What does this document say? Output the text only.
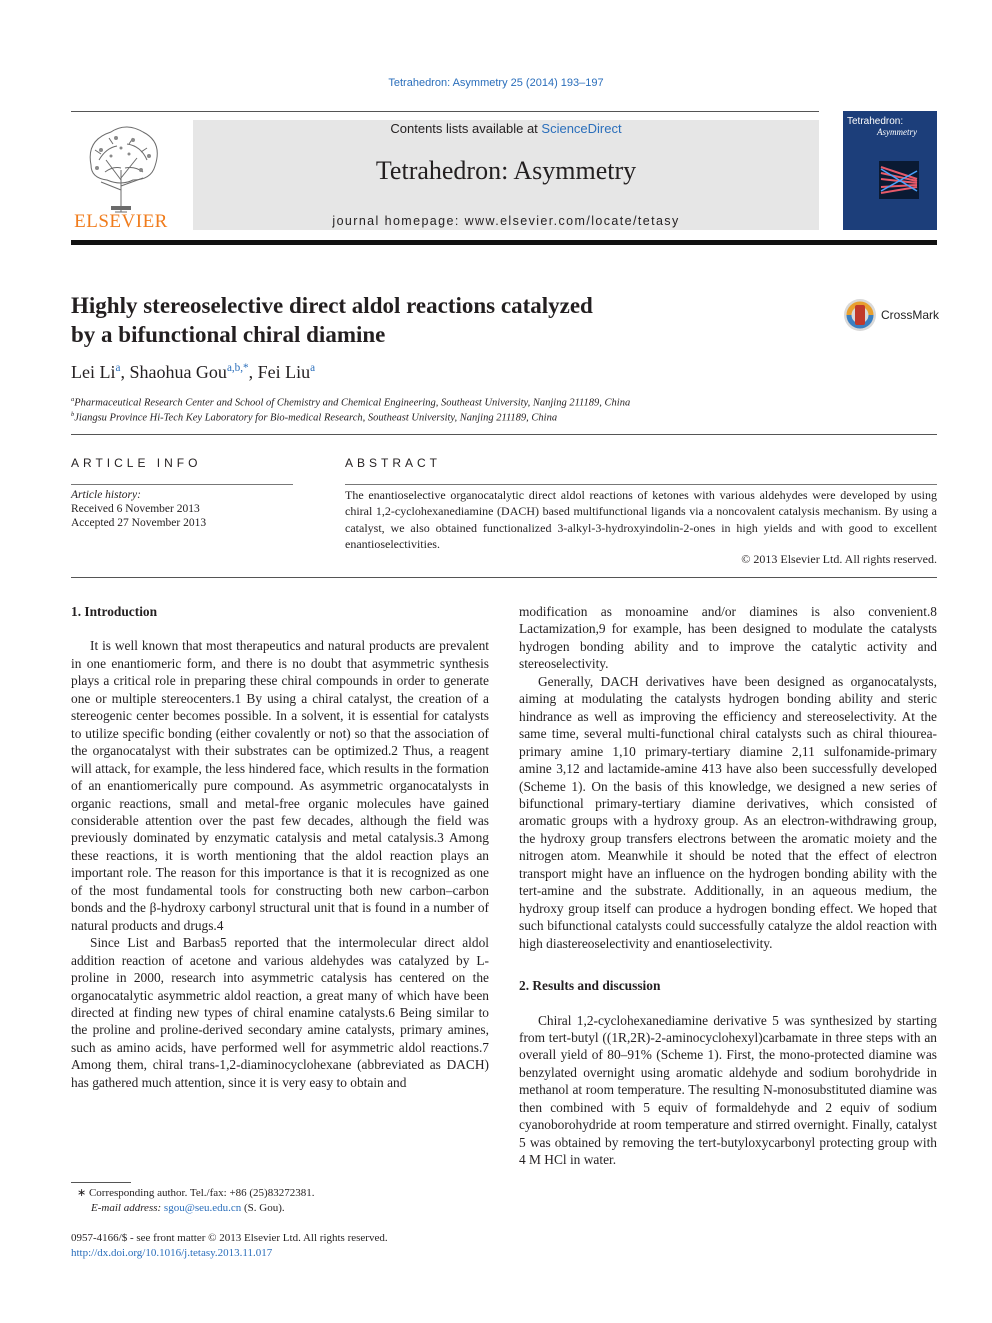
Tetrahedron: Asymmetry 25 (2014) 193–197
ELSEVIER
Contents lists available at ScienceDirect
Tetrahedron: Asymmetry
journal homepage: www.elsevier.com/locate/tetasy
Tetrahedron:
Asymmetry
Highly stereoselective direct aldol reactions catalyzed
by a bifunctional chiral diamine
CrossMark
Lei Li$^a$, Shaohua Gou$^{a,b,*}$, Fei Liu$^a$
$^a$Pharmaceutical Research Center and School of Chemistry and Chemical Engineering, Southeast University, Nanjing 211189, China
$^b$Jiangsu Province Hi-Tech Key Laboratory for Bio-medical Research, Southeast University, Nanjing 211189, China
ARTICLE INFO	ABSTRACT
Article history:
Received 6 November 2013
Accepted 27 November 2013
The enantioselective organocatalytic direct aldol reactions of ketones with various aldehydes were developed by using chiral 1,2-cyclohexanediamine (DACH) based multifunctional ligands via a noncovalent catalysis mechanism. By using a catalyst, we also obtained functionalized 3-alkyl-3-hydroxyindolin-2-ones in high yields and with good to excellent enantioselectivities.
© 2013 Elsevier Ltd. All rights reserved.
1. Introduction

It is well known that most therapeutics and natural products are prevalent in one enantiomeric form, and there is no doubt that asymmetric synthesis plays a critical role in preparing these chiral compounds in order to generate one or multiple stereocenters.1 By using a chiral catalyst, the creation of a stereogenic center becomes possible. In a solvent, it is essential for catalysts to utilize specific bonding (either covalently or not) so that the association of the organocatalyst with their substrates can be optimized.2 Thus, a reagent will attack, for example, the less hindered face, which results in the formation of an enantiomerically pure compound. As asymmetric organocatalysts in organic reactions, small and metal-free organic molecules have gained considerable attention over the past few decades, although the field was previously dominated by enzymatic catalysis and metal catalysis.3 Among these reactions, it is worth mentioning that the aldol reaction plays an important role. The reason for this importance is that it is recognized as one of the most fundamental tools for constructing both new carbon–carbon bonds and the β-hydroxy carbonyl structural unit that is found in a number of natural products and drugs.4

Since List and Barbas5 reported that the intermolecular direct aldol addition reaction of acetone and various aldehydes was catalyzed by L-proline in 2000, research into asymmetric catalysis has centered on the organocatalytic asymmetric aldol reaction, a great many of which have been directed at finding new types of chiral enamine catalysts.6 Being similar to the proline and proline-derived secondary amine catalysts, primary amines, such as amino acids, have performed well for asymmetric aldol reactions.7 Among them, chiral trans-1,2-diaminocyclohexane (abbreviated as DACH) has gathered much attention, since it is very easy to obtain and

modification as monoamine and/or diamines is also convenient.8 Lactamization,9 for example, has been designed to modulate the catalysts hydrogen bonding ability and to improve the catalytic activity and stereoselectivity.

Generally, DACH derivatives have been designed as organocatalysts, aiming at modulating the catalysts hydrogen bonding ability and steric hindrance as well as improving the efficiency and stereoselectivity. At the same time, several multi-functional chiral catalysts such as chiral thiourea-primary amine 1,10 primary-tertiary diamine 2,11 sulfonamide-primary amine 3,12 and lactamide-amine 413 have also been successfully developed (Scheme 1). On the basis of this knowledge, we designed a new series of bifunctional primary-tertiary diamine derivatives, which consisted of aromatic groups with a hydroxy group. As an electron-withdrawing group, the hydroxy group transfers electrons between the aromatic moiety and the nitrogen atom. Meanwhile it should be noted that the effect of electron transport might have an influence on the hydrogen bonding ability with the tert-amine and the substrate. Additionally, in an aqueous medium, the hydroxy group itself can produce a hydrogen bonding effect. We hoped that such bifunctional catalysts could successfully catalyze the aldol reaction with high diastereoselectivity and enantioselectivity.

2. Results and discussion

Chiral 1,2-cyclohexanediamine derivative 5 was synthesized by starting from tert-butyl ((1R,2R)-2-aminocyclohexyl)carbamate in three steps with an overall yield of 80–91% (Scheme 1). First, the mono-protected diamine was benzylated overnight using aromatic aldehyde and sodium borohydride in methanol at room temperature. The resulting N-monosubstituted diamine was then combined with 5 equiv of formaldehyde and 2 equiv of sodium cyanoborohydride at room temperature and stirred overnight. Finally, catalyst 5 was obtained by removing the tert-butyloxycarbonyl protecting group with 4 M HCl in water.

∗ Corresponding author. Tel./fax: +86 (25)83272381.
E-mail address: sgou@seu.edu.cn (S. Gou).
0957-4166/$ - see front matter © 2013 Elsevier Ltd. All rights reserved.
http://dx.doi.org/10.1016/j.tetasy.2013.11.017
